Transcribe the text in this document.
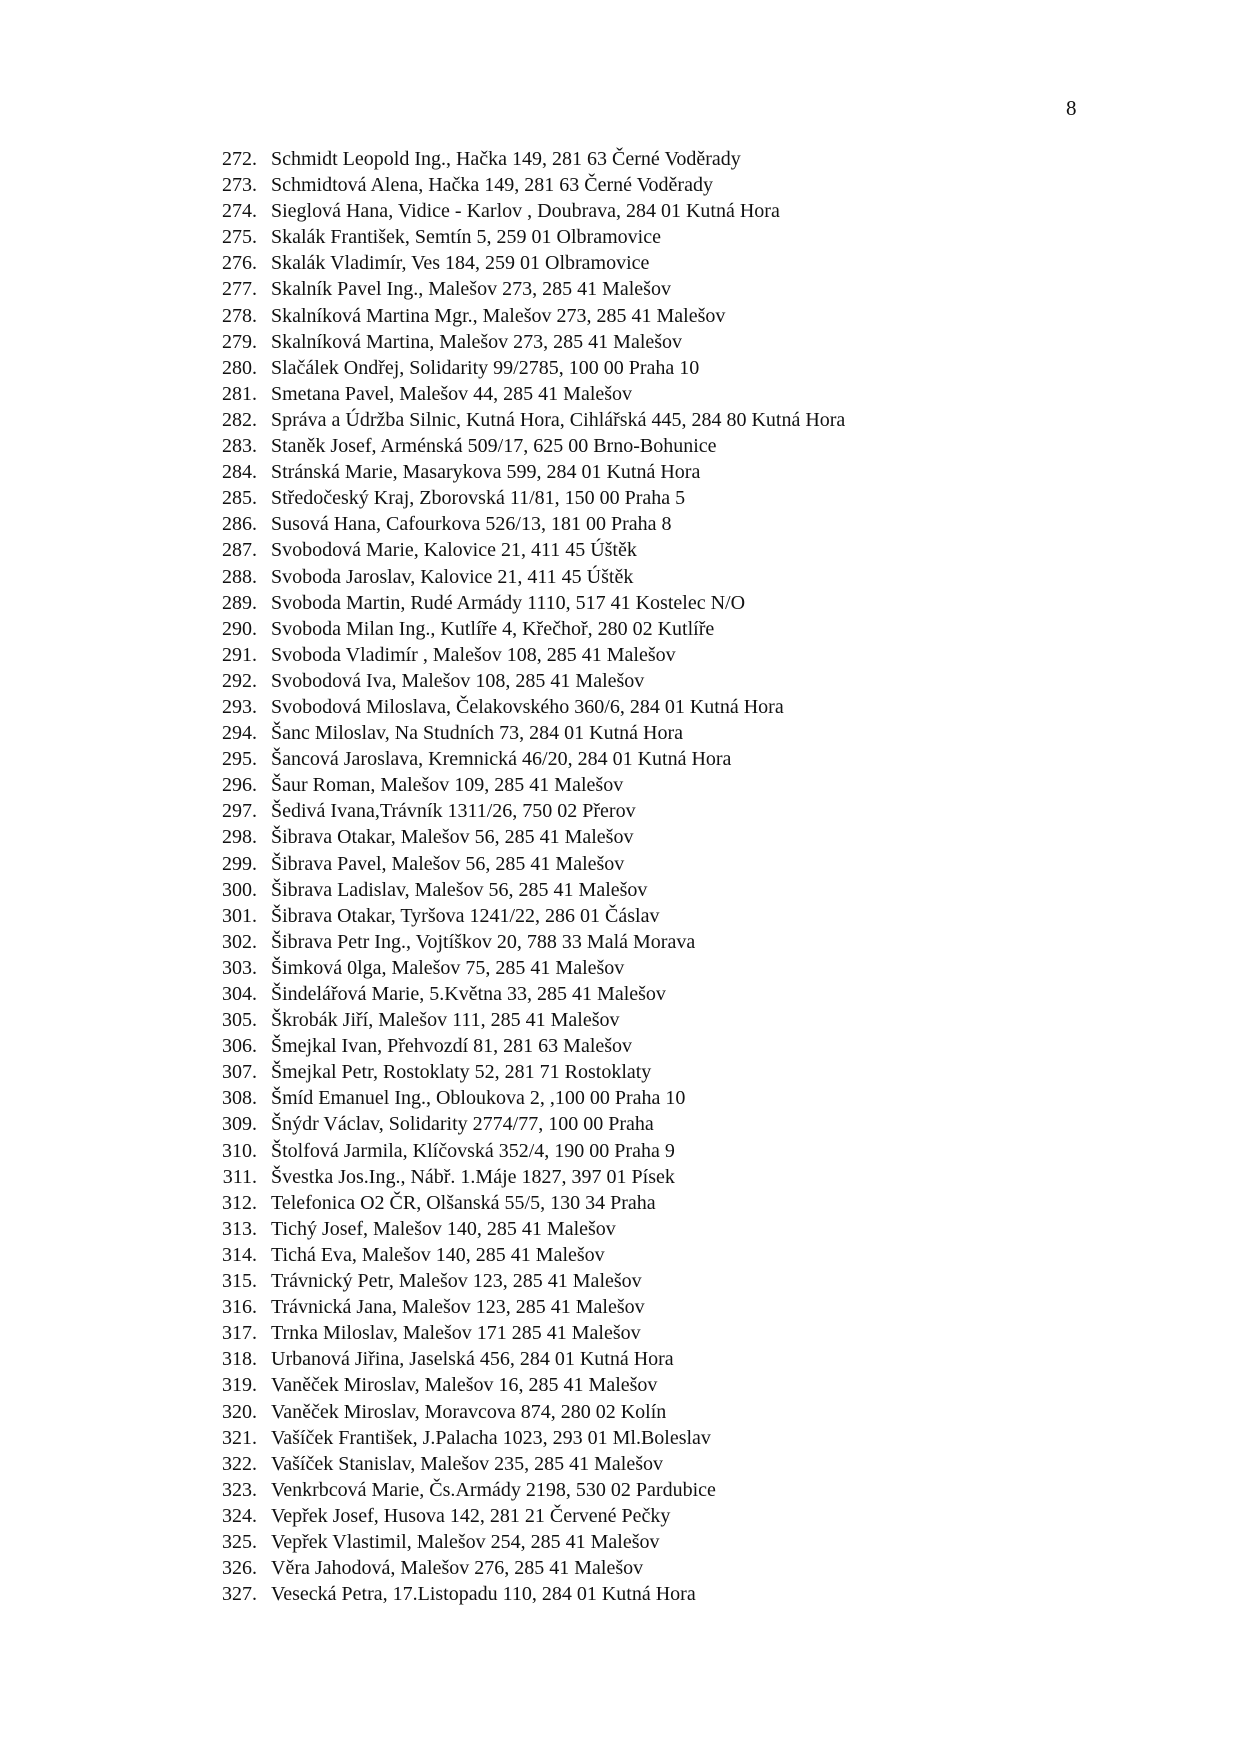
8
272. Schmidt Leopold Ing., Hačka 149, 281 63 Černé Voděrady
273. Schmidtová Alena, Hačka 149, 281 63 Černé Voděrady
274. Sieglová Hana, Vidice - Karlov , Doubrava, 284 01 Kutná Hora
275. Skalák František, Semtín 5, 259 01 Olbramovice
276. Skalák Vladimír, Ves 184, 259 01 Olbramovice
277. Skalník Pavel Ing., Malešov 273, 285 41 Malešov
278. Skalníková Martina Mgr., Malešov 273, 285 41 Malešov
279. Skalníková Martina, Malešov 273, 285 41 Malešov
280. Slačálek Ondřej, Solidarity 99/2785, 100 00 Praha 10
281. Smetana Pavel, Malešov 44, 285 41 Malešov
282. Správa a Údržba Silnic, Kutná Hora, Cihlářská 445, 284 80 Kutná Hora
283. Staněk Josef, Arménská 509/17, 625 00 Brno-Bohunice
284. Stránská Marie, Masarykova 599, 284 01 Kutná Hora
285. Středočeský Kraj, Zborovská 11/81, 150 00 Praha 5
286. Susová Hana, Cafourkova 526/13, 181 00 Praha 8
287. Svobodová Marie, Kalovice 21, 411 45 Úštěk
288. Svoboda Jaroslav, Kalovice 21, 411 45 Úštěk
289. Svoboda Martin, Rudé Armády 1110, 517 41 Kostelec N/O
290. Svoboda Milan Ing., Kutlíře 4, Křečhoř, 280 02 Kutlíře
291. Svoboda Vladimír , Malešov 108, 285 41 Malešov
292. Svobodová Iva, Malešov 108, 285 41 Malešov
293. Svobodová Miloslava, Čelakovského 360/6, 284 01 Kutná Hora
294. Šanc Miloslav, Na Studních 73, 284 01 Kutná Hora
295. Šancová Jaroslava, Kremnická 46/20, 284 01 Kutná Hora
296. Šaur Roman, Malešov 109, 285 41 Malešov
297. Šedivá Ivana,Trávník 1311/26, 750 02 Přerov
298. Šibrava Otakar, Malešov 56, 285 41 Malešov
299. Šibrava Pavel, Malešov 56, 285 41 Malešov
300. Šibrava Ladislav, Malešov 56, 285 41 Malešov
301. Šibrava Otakar, Tyršova 1241/22, 286 01 Čáslav
302. Šibrava Petr Ing., Vojtíškov 20, 788 33 Malá Morava
303. Šimková 0lga, Malešov 75, 285 41 Malešov
304. Šindelářová Marie, 5.Května 33, 285 41 Malešov
305. Škrobák Jiří, Malešov 111, 285 41 Malešov
306. Šmejkal Ivan, Přehvozdí 81, 281 63 Malešov
307. Šmejkal Petr, Rostoklaty 52, 281 71 Rostoklaty
308. Šmíd Emanuel Ing., Obloukova 2, ,100 00 Praha 10
309. Šnýdr Václav, Solidarity 2774/77, 100 00 Praha
310. Štolfová Jarmila, Klíčovská 352/4, 190 00 Praha 9
311. Švestka Jos.Ing., Nábř. 1.Máje 1827, 397 01 Písek
312. Telefonica O2 ČR, Olšanská 55/5, 130 34 Praha
313. Tichý Josef, Malešov 140, 285 41 Malešov
314. Tichá Eva, Malešov 140, 285 41 Malešov
315. Trávnický Petr, Malešov 123, 285 41 Malešov
316. Trávnická Jana, Malešov 123, 285 41 Malešov
317. Trnka Miloslav, Malešov 171 285 41 Malešov
318. Urbanová Jiřina, Jaselská 456, 284 01 Kutná Hora
319. Vaněček Miroslav, Malešov 16, 285 41 Malešov
320. Vaněček Miroslav, Moravcova 874, 280 02 Kolín
321. Vašíček František, J.Palacha 1023, 293 01 Ml.Boleslav
322. Vašíček Stanislav, Malešov 235, 285 41 Malešov
323. Venkrbcová Marie, Čs.Armády 2198, 530 02 Pardubice
324. Vepřek Josef, Husova 142, 281 21 Červené Pečky
325. Vepřek Vlastimil, Malešov 254, 285 41 Malešov
326. Věra Jahodová, Malešov 276, 285 41 Malešov
327. Vesecká Petra, 17.Listopadu 110, 284 01 Kutná Hora
